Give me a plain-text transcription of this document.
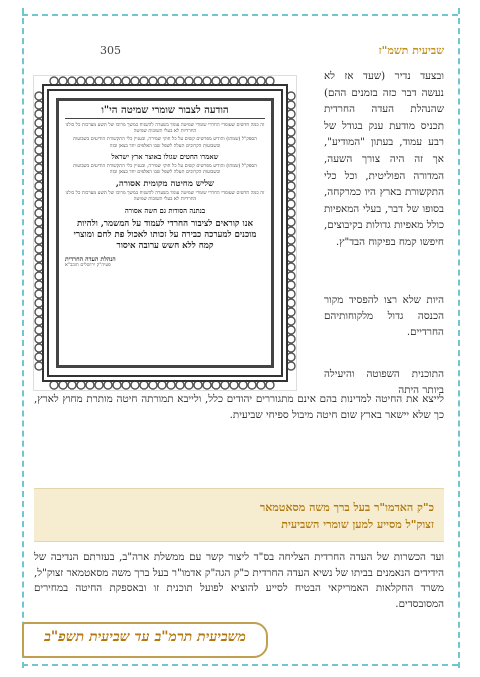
305	שביעית תשמ"ז
הודעה לצבור שומרי שמיטה הי"ו
זה כמה חדשים שעומדי החרדי שומרי שמיטה עומד בשערה להשגיח במשך מרוכז של תשע מערכות כל כולנו החרדיות לא בעלי תשובות שמיטה
הספק"ל (שמתו) והודיע מפרשים קשים על כל חוקי שמירה, ובעניין כלי התקשורת הודיעים בשבועות ובשבועות הקרובים תעלה לשפל שבו האלפים יחד בצאן ובזה
שאמרו החטים שגולו באוצר ארץ ישראל
הספק"ל (שמתו) והודיע מפרשים קשים על כל חוקי שמירה, ובעניין כלי התקשורת הודיעים בשבועות ובשבועות הקרובים תעלה לשפל שבו האלפים יחד בצאן ובזה
שליש מחיטה מקומית אסורה,
זה כמה חדשים שעומדי החרדי שומרי שמיטה עומד בשערה להשגיח במשך מרוכז של תשע מערכות כל כולנו החרדיות לא בעלי תשובות שמיטה
בנתנה הסודות גם חשה אסורה
אנו קוראים לציבור החרדי לעמוד על המשמר, ולהיות מוכנים למערכה כבירה על זכותו לאכול פת לחם ומוצרי קמח ללא חשש ערובה איסור
הנהלת העדה החרדית
פעיה"ק ירושלים תובב"א

ובצעד נדיר (שעד אז לא נעשה דבר כזה בזמנים ההם) שהנהלת העדה החרדית תכניס מודעת ענק בגודל של רבע עמוד, בעתון "המודיע", אך זה היה צורך השעה, המדורה הפוליטית, וכל כלי התקשורת בארץ היו כמרקחה, בסופו של דבר, בעלי המאפיות כולל מאפיות גדולות בקיבוצים, חיפשו קמח בפיקוח הבד"ץ.

היות שלא רצו להפסיד מקור הכנסה גדול מלקוחותיהם החרדיים.
התוכנית השפוטה והיעילה ביותר היתה

לייצא את החיטה למדינות בהם אינם מתגוררים יהודים כלל, ולייבא תמורתה חיטה מותרת מחוץ לארץ, כך שלא יישאר בארץ שום חיטה מיבול ספיחי שביעית.

כ"ק האדמו"ר בעל ברך משה מסאטמאר
זצוק"ל מסייע למען שומרי השביעית
ועד הכשרות של העדה החרדית הצליחה בס"ד ליצור קשר עם ממשלת ארה"ב, בעזרתם הנדיבה של הידידים הנאמנים בביתו של נשיא העדה החרדית כ"ק הגה"ק אדמו"ר בעל ברך משה מסאטמאר זצוק"ל, משרד החקלאות האמריקאי הבטיח לסייע להוציא לפועל תוכנית זו ובאספקת החיטה במחירים המסובסדים.
משביעית תרמ"ב עד שביעית תשפ"ב
